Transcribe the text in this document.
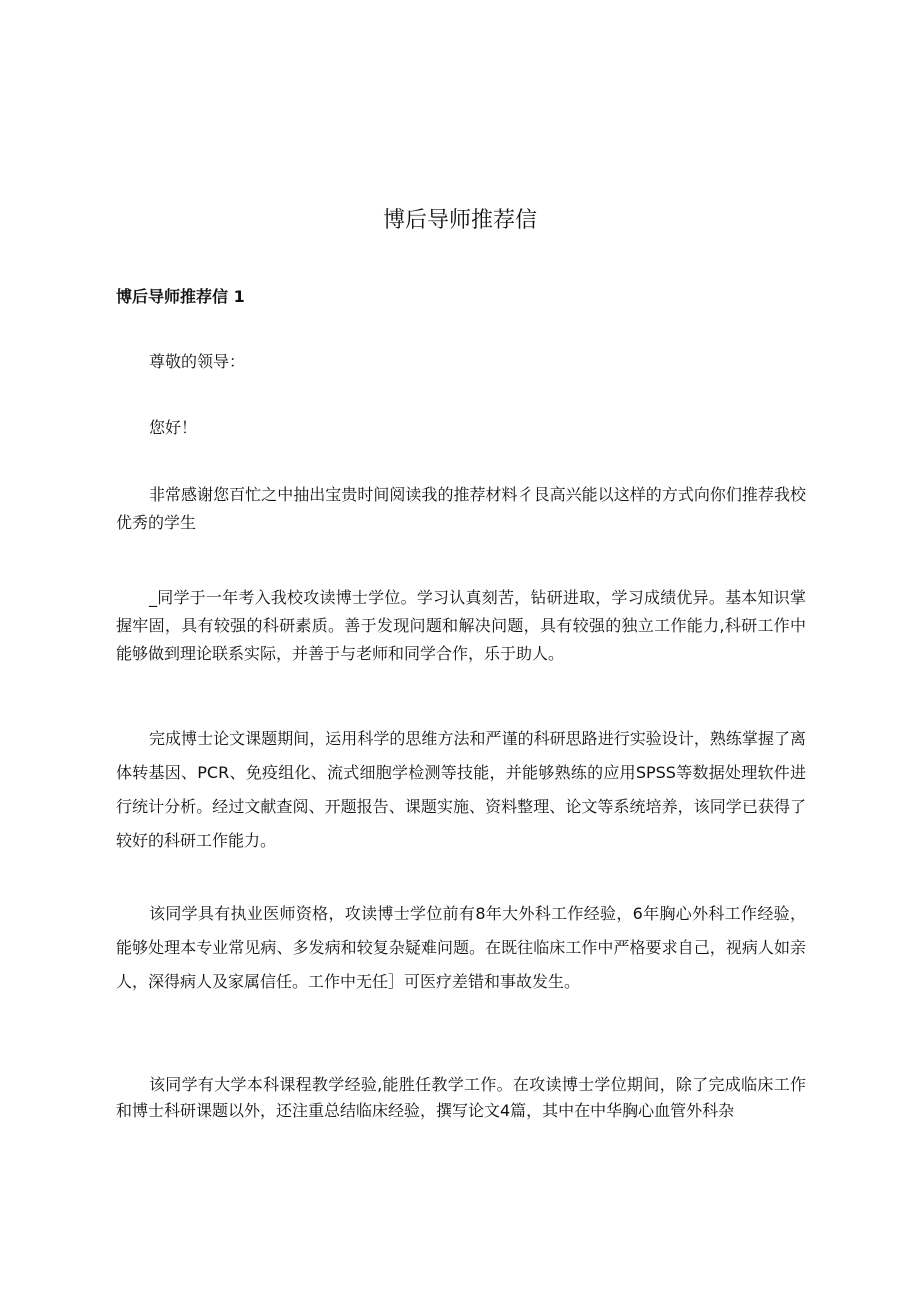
博后导师推荐信
博后导师推荐信 1

尊敬的领导：

您好！

非常感谢您百忙之中抽出宝贵时间阅读我的推荐材料彳艮高兴能以这样的方式向你们推荐我校优秀的学生

_同学于一年考入我校攻读博士学位。学习认真刻苦，钻研进取，学习成绩优异。基本知识掌握牢固，具有较强的科研素质。善于发现问题和解决问题，具有较强的独立工作能力,科研工作中能够做到理论联系实际，并善于与老师和同学合作，乐于助人。

完成博士论文课题期间，运用科学的思维方法和严谨的科研思路进行实验设计，熟练掌握了离体转基因、PCR、免疫组化、流式细胞学检测等技能，并能够熟练的应用SPSS等数据处理软件进行统计分析。经过文献查阅、开题报告、课题实施、资料整理、论文等系统培养，该同学已获得了较好的科研工作能力。

该同学具有执业医师资格，攻读博士学位前有8年大外科工作经验，6年胸心外科工作经验，能够处理本专业常见病、多发病和较复杂疑难问题。在既往临床工作中严格要求自己，视病人如亲人，深得病人及家属信任。工作中无任］可医疗差错和事故发生。

该同学有大学本科课程教学经验,能胜任教学工作。在攻读博士学位期间，除了完成临床工作和博士科研课题以外，还注重总结临床经验，撰写论文4篇，其中在中华胸心血管外科杂
